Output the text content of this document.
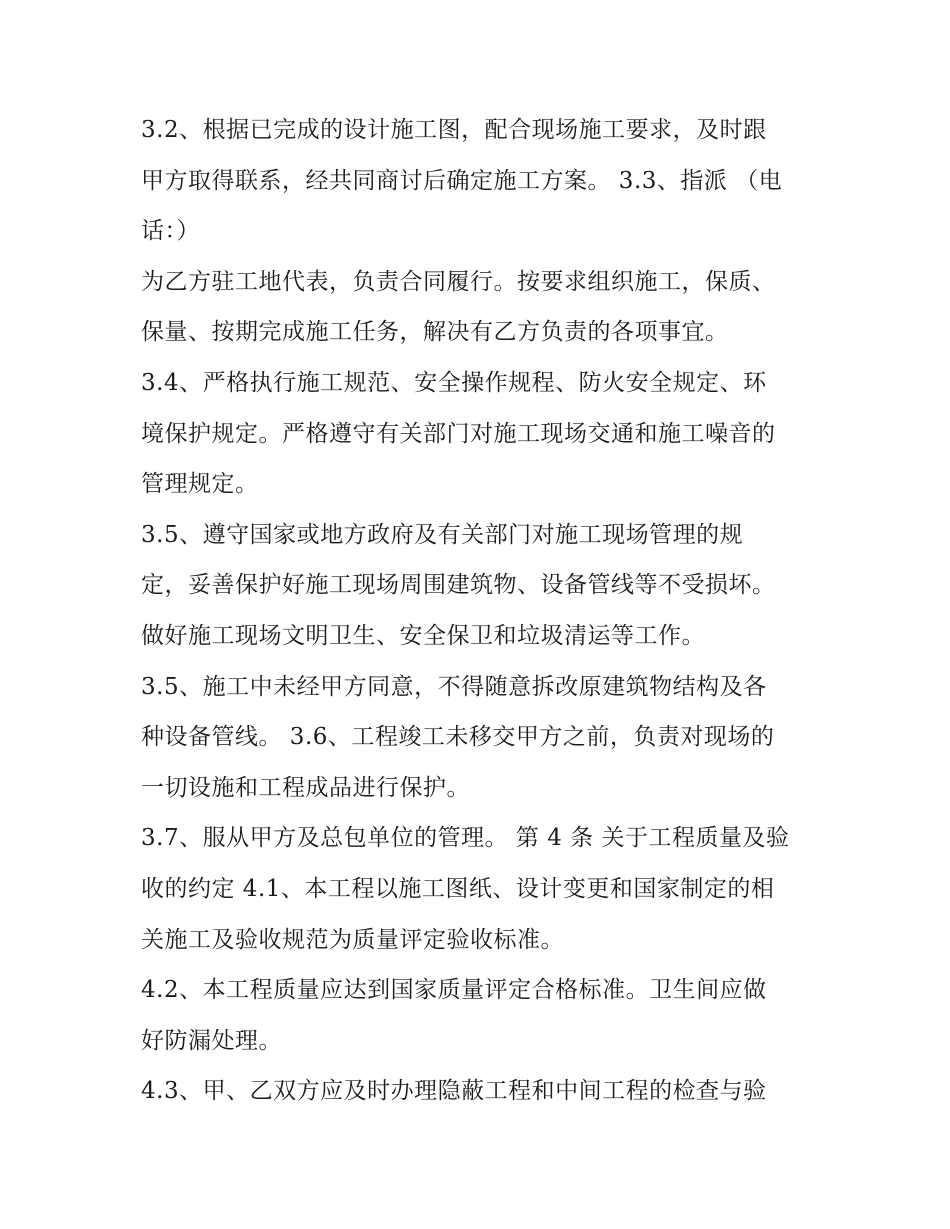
3.2、根据已完成的设计施工图，配合现场施工要求，及时跟
甲方取得联系，经共同商讨后确定施工方案。 3.3、指派 （电
话：）
为乙方驻工地代表，负责合同履行。按要求组织施工，保质、
保量、按期完成施工任务，解决有乙方负责的各项事宜。
3.4、严格执行施工规范、安全操作规程、防火安全规定、环
境保护规定。严格遵守有关部门对施工现场交通和施工噪音的
管理规定。
3.5、遵守国家或地方政府及有关部门对施工现场管理的规
定，妥善保护好施工现场周围建筑物、设备管线等不受损坏。
做好施工现场文明卫生、安全保卫和垃圾清运等工作。
3.5、施工中未经甲方同意，不得随意拆改原建筑物结构及各
种设备管线。 3.6、工程竣工未移交甲方之前，负责对现场的
一切设施和工程成品进行保护。
3.7、服从甲方及总包单位的管理。 第 4 条 关于工程质量及验
收的约定 4.1、本工程以施工图纸、设计变更和国家制定的相
关施工及验收规范为质量评定验收标准。
4.2、本工程质量应达到国家质量评定合格标准。卫生间应做
好防漏处理。
4.3、甲、乙双方应及时办理隐蔽工程和中间工程的检查与验
